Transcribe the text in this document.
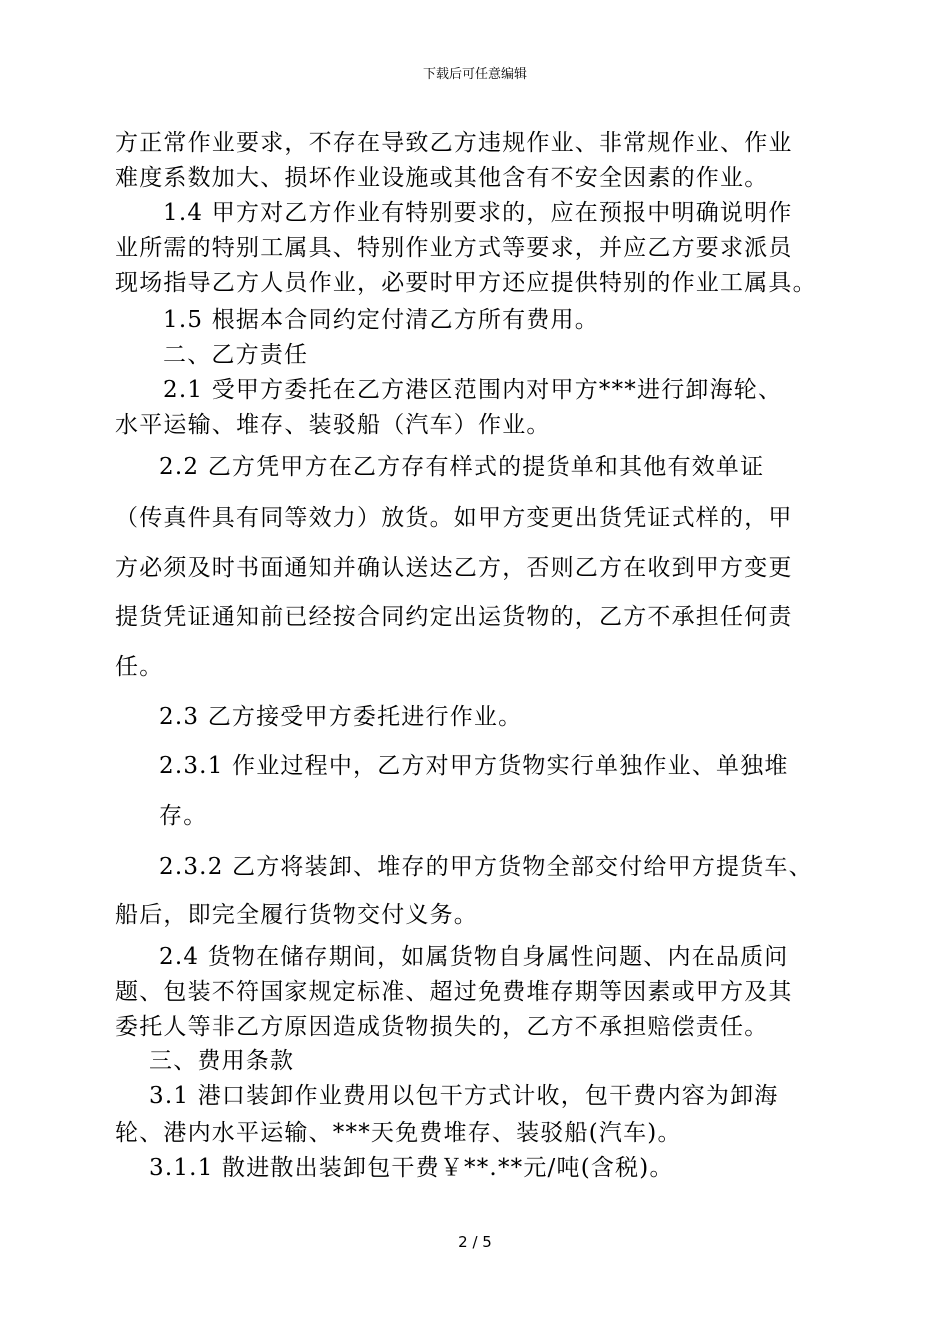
下载后可任意编辑
方正常作业要求，不存在导致乙方违规作业、非常规作业、作业
难度系数加大、损坏作业设施或其他含有不安全因素的作业。
1.4 甲方对乙方作业有特别要求的，应在预报中明确说明作
业所需的特别工属具、特别作业方式等要求，并应乙方要求派员
现场指导乙方人员作业，必要时甲方还应提供特别的作业工属具。
1.5 根据本合同约定付清乙方所有费用。
二、乙方责任
2.1 受甲方委托在乙方港区范围内对甲方***进行卸海轮、
水平运输、堆存、装驳船（汽车）作业。
2.2 乙方凭甲方在乙方存有样式的提货单和其他有效单证
（传真件具有同等效力）放货。如甲方变更出货凭证式样的，甲
方必须及时书面通知并确认送达乙方，否则乙方在收到甲方变更
提货凭证通知前已经按合同约定出运货物的，乙方不承担任何责
任。
2.3 乙方接受甲方委托进行作业。
2.3.1 作业过程中，乙方对甲方货物实行单独作业、单独堆
存。
2.3.2 乙方将装卸、堆存的甲方货物全部交付给甲方提货车、
船后，即完全履行货物交付义务。
2.4 货物在储存期间，如属货物自身属性问题、内在品质问
题、包装不符国家规定标准、超过免费堆存期等因素或甲方及其
委托人等非乙方原因造成货物损失的，乙方不承担赔偿责任。
三、费用条款
3.1 港口装卸作业费用以包干方式计收，包干费内容为卸海
轮、港内水平运输、***天免费堆存、装驳船(汽车)。
3.1.1 散进散出装卸包干费￥**.**元/吨(含税)。
2 / 5
